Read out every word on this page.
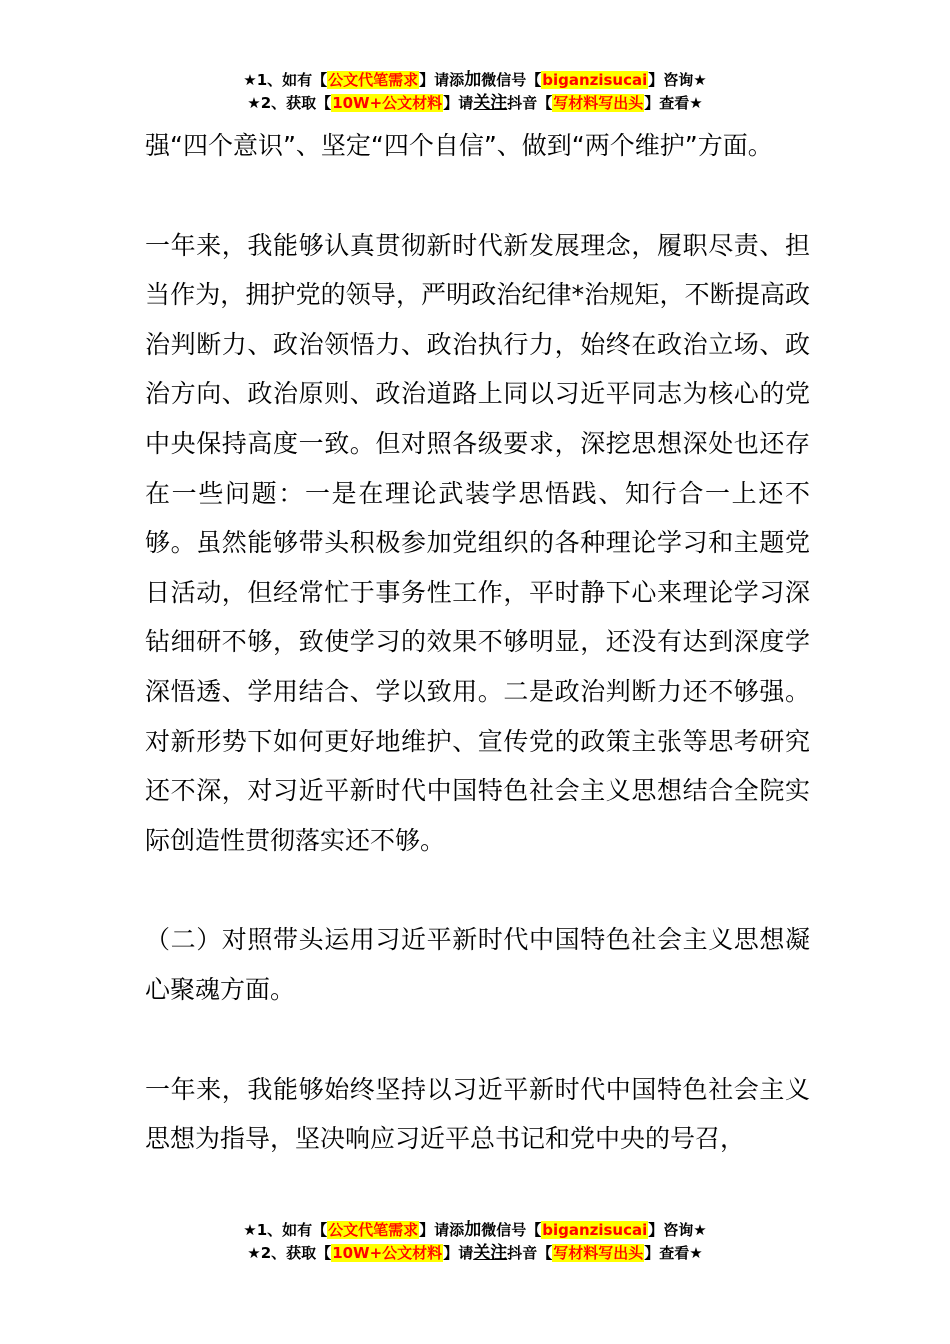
★1、如有【公文代笔需求】请添加微信号【biganzisucai】咨询★
★2、获取【10W+公文材料】请关注抖音【写材料写出头】查看★

强“四个意识”、坚定“四个自信”、做到“两个维护”方面。

一年来，我能够认真贯彻新时代新发展理念，履职尽责、担当作为，拥护党的领导，严明政治纪律*治规矩，不断提高政治判断力、政治领悟力、政治执行力，始终在政治立场、政治方向、政治原则、政治道路上同以习近平同志为核心的党中央保持高度一致。但对照各级要求，深挖思想深处也还存在一些问题：一是在理论武装学思悟践、知行合一上还不够。虽然能够带头积极参加党组织的各种理论学习和主题党日活动，但经常忙于事务性工作，平时静下心来理论学习深钻细研不够，致使学习的效果不够明显，还没有达到深度学深悟透、学用结合、学以致用。二是政治判断力还不够强。对新形势下如何更好地维护、宣传党的政策主张等思考研究还不深，对习近平新时代中国特色社会主义思想结合全院实际创造性贯彻落实还不够。

（二）对照带头运用习近平新时代中国特色社会主义思想凝心聚魂方面。

一年来，我能够始终坚持以习近平新时代中国特色社会主义思想为指导，坚决响应习近平总书记和党中央的号召，

★1、如有【公文代笔需求】请添加微信号【biganzisucai】咨询★
★2、获取【10W+公文材料】请关注抖音【写材料写出头】查看★
